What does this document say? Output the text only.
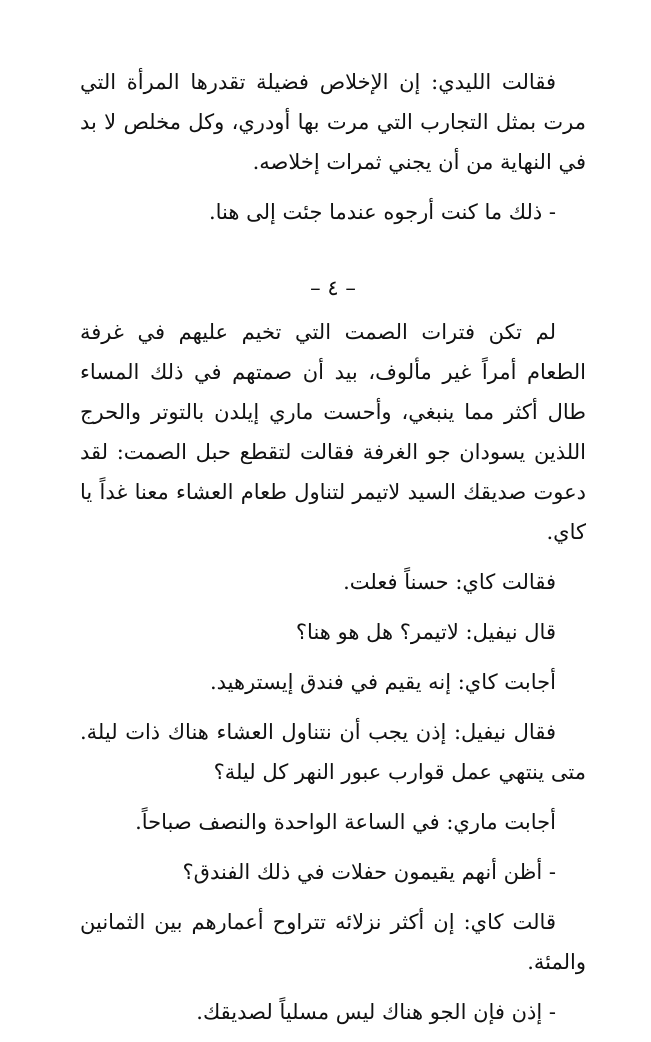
فقالت الليدي: إن الإخلاص فضيلة تقدرها المرأة التي مرت بمثل التجارب التي مرت بها أودري، وكل مخلص لا بد في النهاية من أن يجني ثمرات إخلاصه.

- ذلك ما كنت أرجوه عندما جئت إلى هنا.

– ٤ –

لم تكن فترات الصمت التي تخيم عليهم في غرفة الطعام أمراً غير مألوف، بيد أن صمتهم في ذلك المساء طال أكثر مما ينبغي، وأحست ماري إيلدن بالتوتر والحرج اللذين يسودان جو الغرفة فقالت لتقطع حبل الصمت: لقد دعوت صديقك السيد لاتيمر لتناول طعام العشاء معنا غداً يا كاي.

فقالت كاي: حسناً فعلت.

قال نيفيل: لاتيمر؟ هل هو هنا؟

أجابت كاي: إنه يقيم في فندق إيسترهيد.

فقال نيفيل: إذن يجب أن نتناول العشاء هناك ذات ليلة. متى ينتهي عمل قوارب عبور النهر كل ليلة؟

أجابت ماري: في الساعة الواحدة والنصف صباحاً.

- أظن أنهم يقيمون حفلات في ذلك الفندق؟

قالت كاي: إن أكثر نزلائه تتراوح أعمارهم بين الثمانين والمئة.

- إذن فإن الجو هناك ليس مسلياً لصديقك.
